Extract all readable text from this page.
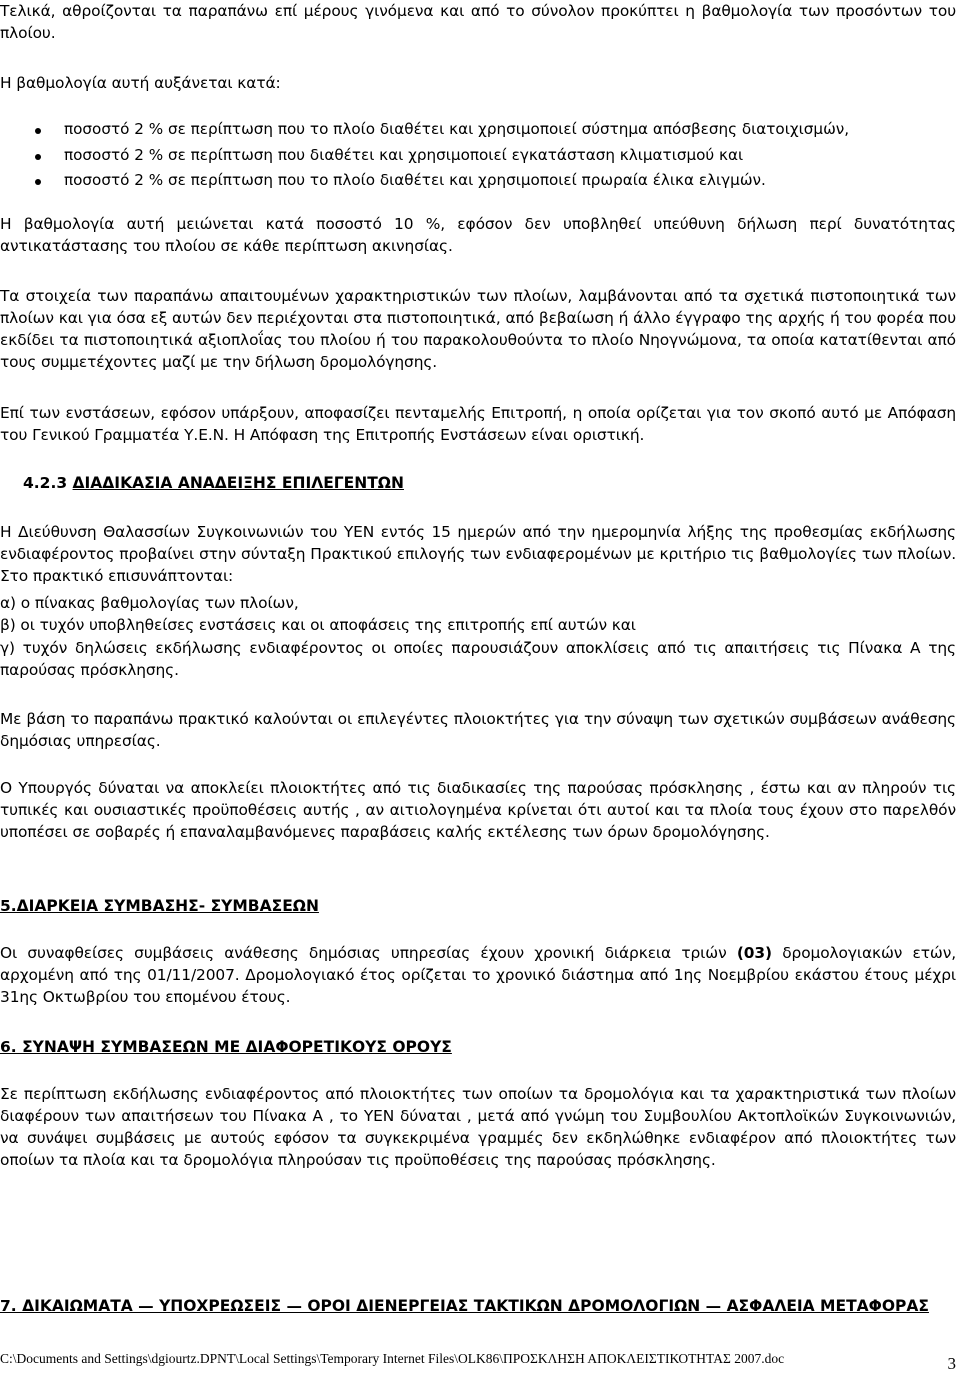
Τελικά, αθροίζονται τα παραπάνω επί μέρους γινόμενα και από το σύνολον προκύπτει η βαθμολογία των προσόντων του πλοίου.

Η βαθμολογία αυτή αυξάνεται κατά:

ποσοστό 2 % σε περίπτωση που το πλοίο διαθέτει και χρησιμοποιεί σύστημα απόσβεσης διατοιχισμών,
ποσοστό 2 % σε περίπτωση που διαθέτει και χρησιμοποιεί εγκατάσταση κλιματισμού και
ποσοστό 2 % σε περίπτωση που το πλοίο διαθέτει και χρησιμοποιεί πρωραία έλικα ελιγμών.

Η βαθμολογία αυτή μειώνεται κατά ποσοστό 10 %, εφόσον δεν υποβληθεί υπεύθυνη δήλωση περί δυνατότητας αντικατάστασης του πλοίου σε κάθε περίπτωση ακινησίας.

Τα στοιχεία των παραπάνω απαιτουμένων χαρακτηριστικών των πλοίων, λαμβάνονται από τα σχετικά πιστοποιητικά των πλοίων και για όσα εξ αυτών δεν περιέχονται στα πιστοποιητικά, από βεβαίωση ή άλλο έγγραφο της αρχής ή του φορέα που εκδίδει τα πιστοποιητικά αξιοπλοΐας του πλοίου ή του παρακολουθούντα το πλοίο Νηογνώμονα, τα οποία κατατίθενται από τους συμμετέχοντες μαζί με την δήλωση δρομολόγησης.

Επί των ενστάσεων, εφόσον υπάρξουν, αποφασίζει πενταμελής Επιτροπή, η οποία ορίζεται για τον σκοπό αυτό με Απόφαση του Γενικού Γραμματέα Υ.Ε.Ν. Η Απόφαση της Επιτροπής Ενστάσεων είναι οριστική.

4.2.3 ΔΙΑΔΙΚΑΣΙΑ ΑΝΑΔΕΙΞΗΣ ΕΠΙΛΕΓΕΝΤΩΝ

Η Διεύθυνση Θαλασσίων Συγκοινωνιών του ΥΕΝ εντός 15 ημερών από την ημερομηνία λήξης της προθεσμίας εκδήλωσης ενδιαφέροντος προβαίνει στην σύνταξη Πρακτικού επιλογής των ενδιαφερομένων με κριτήριο τις βαθμολογίες των πλοίων. Στο πρακτικό επισυνάπτονται:

α) ο πίνακας βαθμολογίας των πλοίων,

β) οι τυχόν υποβληθείσες ενστάσεις και οι αποφάσεις της επιτροπής επί αυτών και

γ) τυχόν δηλώσεις εκδήλωσης ενδιαφέροντος οι οποίες παρουσιάζουν αποκλίσεις από τις απαιτήσεις τις Πίνακα Α της παρούσας πρόσκλησης.

Με βάση το παραπάνω πρακτικό καλούνται οι επιλεγέντες πλοιοκτήτες για την σύναψη των σχετικών συμβάσεων ανάθεσης δημόσιας υπηρεσίας.

Ο Υπουργός δύναται να αποκλείει πλοιοκτήτες από τις διαδικασίες της παρούσας πρόσκλησης , έστω και αν πληρούν τις τυπικές και ουσιαστικές προϋποθέσεις αυτής , αν αιτιολογημένα κρίνεται ότι αυτοί και τα πλοία τους έχουν στο παρελθόν υποπέσει σε σοβαρές ή επαναλαμβανόμενες παραβάσεις καλής εκτέλεσης των όρων δρομολόγησης.

5.ΔΙΑΡΚΕΙΑ ΣΥΜΒΑΣΗΣ- ΣΥΜΒΑΣΕΩΝ

Οι συναφθείσες συμβάσεις ανάθεσης δημόσιας υπηρεσίας έχουν χρονική διάρκεια τριών (03) δρομολογιακών ετών, αρχομένη από της 01/11/2007. Δρομολογιακό έτος ορίζεται το χρονικό διάστημα από 1ης Νοεμβρίου εκάστου έτους μέχρι 31ης Οκτωβρίου του επομένου έτους.

6. ΣΥΝΑΨΗ ΣΥΜΒΑΣΕΩΝ ΜΕ ΔΙΑΦΟΡΕΤΙΚΟΥΣ ΟΡΟΥΣ

Σε περίπτωση εκδήλωσης ενδιαφέροντος από πλοιοκτήτες των οποίων τα δρομολόγια και τα χαρακτηριστικά των πλοίων διαφέρουν των απαιτήσεων του Πίνακα Α , το ΥΕΝ δύναται , μετά από γνώμη του Συμβουλίου Ακτοπλοϊκών Συγκοινωνιών, να συνάψει συμβάσεις με αυτούς εφόσον τα συγκεκριμένα γραμμές δεν εκδηλώθηκε ενδιαφέρον από πλοιοκτήτες των οποίων τα πλοία και τα δρομολόγια πληρούσαν τις προϋποθέσεις της παρούσας πρόσκλησης.

7. ΔΙΚΑΙΩΜΑΤΑ — ΥΠΟΧΡΕΩΣΕΙΣ — ΟΡΟΙ ΔΙΕΝΕΡΓΕΙΑΣ ΤΑΚΤΙΚΩΝ ΔΡΟΜΟΛΟΓΙΩΝ — ΑΣΦΑΛΕΙΑ ΜΕΤΑΦΟΡΑΣ

C:\Documents and Settings\dgiourtz.DPNT\Local Settings\Temporary Internet Files\OLK86\ΠΡΟΣΚΛΗΣΗ ΑΠΟΚΛΕΙΣΤΙΚΟΤΗΤΑΣ 2007.doc	3
